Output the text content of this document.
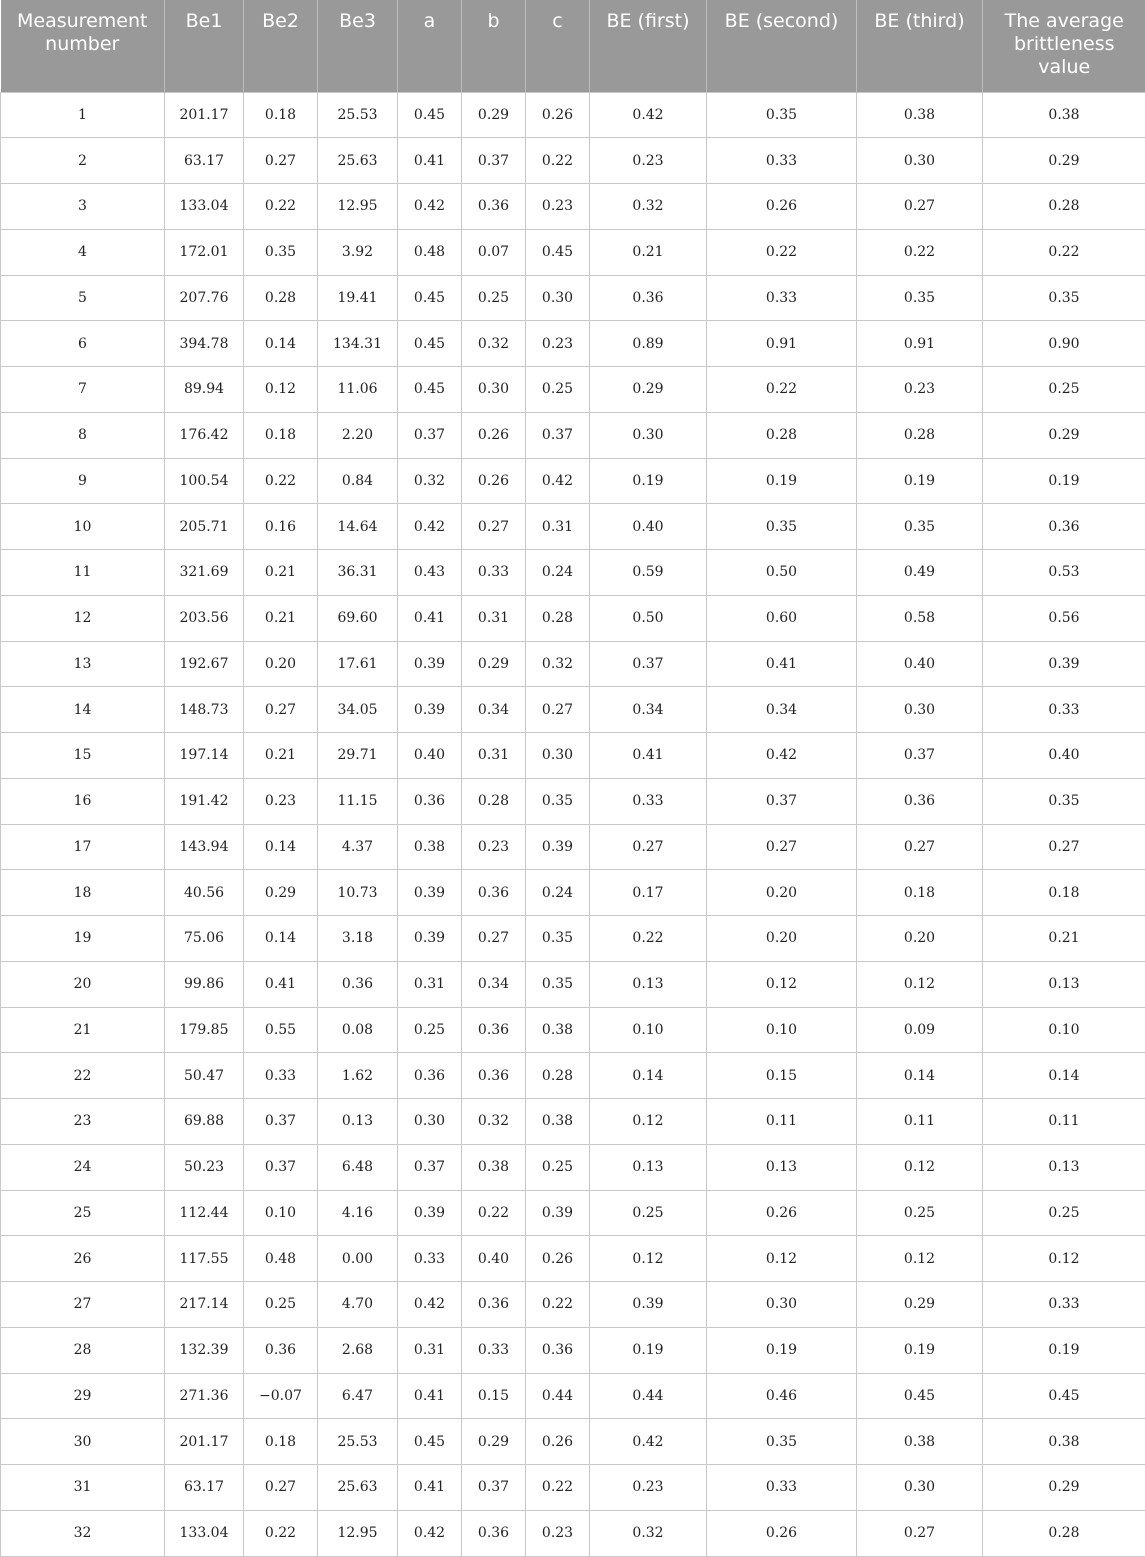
Measurement number	Be1	Be2	Be3	a	b	c	BE (first)	BE (second)	BE (third)	The average brittleness value
1	201.17	0.18	25.53	0.45	0.29	0.26	0.42	0.35	0.38	0.38
2	63.17	0.27	25.63	0.41	0.37	0.22	0.23	0.33	0.30	0.29
3	133.04	0.22	12.95	0.42	0.36	0.23	0.32	0.26	0.27	0.28
4	172.01	0.35	3.92	0.48	0.07	0.45	0.21	0.22	0.22	0.22
5	207.76	0.28	19.41	0.45	0.25	0.30	0.36	0.33	0.35	0.35
6	394.78	0.14	134.31	0.45	0.32	0.23	0.89	0.91	0.91	0.90
7	89.94	0.12	11.06	0.45	0.30	0.25	0.29	0.22	0.23	0.25
8	176.42	0.18	2.20	0.37	0.26	0.37	0.30	0.28	0.28	0.29
9	100.54	0.22	0.84	0.32	0.26	0.42	0.19	0.19	0.19	0.19
10	205.71	0.16	14.64	0.42	0.27	0.31	0.40	0.35	0.35	0.36
11	321.69	0.21	36.31	0.43	0.33	0.24	0.59	0.50	0.49	0.53
12	203.56	0.21	69.60	0.41	0.31	0.28	0.50	0.60	0.58	0.56
13	192.67	0.20	17.61	0.39	0.29	0.32	0.37	0.41	0.40	0.39
14	148.73	0.27	34.05	0.39	0.34	0.27	0.34	0.34	0.30	0.33
15	197.14	0.21	29.71	0.40	0.31	0.30	0.41	0.42	0.37	0.40
16	191.42	0.23	11.15	0.36	0.28	0.35	0.33	0.37	0.36	0.35
17	143.94	0.14	4.37	0.38	0.23	0.39	0.27	0.27	0.27	0.27
18	40.56	0.29	10.73	0.39	0.36	0.24	0.17	0.20	0.18	0.18
19	75.06	0.14	3.18	0.39	0.27	0.35	0.22	0.20	0.20	0.21
20	99.86	0.41	0.36	0.31	0.34	0.35	0.13	0.12	0.12	0.13
21	179.85	0.55	0.08	0.25	0.36	0.38	0.10	0.10	0.09	0.10
22	50.47	0.33	1.62	0.36	0.36	0.28	0.14	0.15	0.14	0.14
23	69.88	0.37	0.13	0.30	0.32	0.38	0.12	0.11	0.11	0.11
24	50.23	0.37	6.48	0.37	0.38	0.25	0.13	0.13	0.12	0.13
25	112.44	0.10	4.16	0.39	0.22	0.39	0.25	0.26	0.25	0.25
26	117.55	0.48	0.00	0.33	0.40	0.26	0.12	0.12	0.12	0.12
27	217.14	0.25	4.70	0.42	0.36	0.22	0.39	0.30	0.29	0.33
28	132.39	0.36	2.68	0.31	0.33	0.36	0.19	0.19	0.19	0.19
29	271.36	−0.07	6.47	0.41	0.15	0.44	0.44	0.46	0.45	0.45
30	201.17	0.18	25.53	0.45	0.29	0.26	0.42	0.35	0.38	0.38
31	63.17	0.27	25.63	0.41	0.37	0.22	0.23	0.33	0.30	0.29
32	133.04	0.22	12.95	0.42	0.36	0.23	0.32	0.26	0.27	0.28
